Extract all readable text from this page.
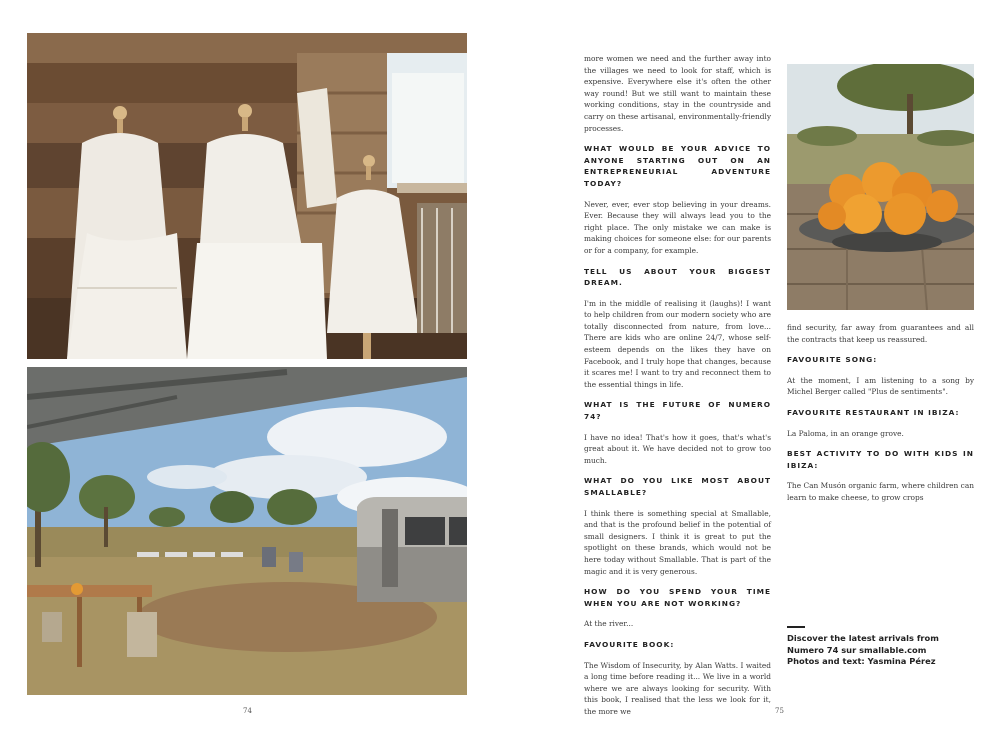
74

more women we need and the further away into the villages we need to look for staff, which is expensive. Everywhere else it's often the other way round! But we still want to maintain these working conditions, stay in the countryside and carry on these artisanal, environmentally-friendly processes.

WHAT WOULD BE YOUR ADVICE TO ANYONE STARTING OUT ON AN ENTREPRENEURIAL ADVENTURE TODAY?

Never, ever, ever stop believing in your dreams. Ever. Because they will always lead you to the right place. The only mistake we can make is making choices for someone else: for our parents or for a company, for example.

TELL US ABOUT YOUR BIGGEST DREAM.

I'm in the middle of realising it (laughs)! I want to help children from our modern society who are totally disconnected from nature, from love... There are kids who are online 24/7, whose self-esteem depends on the likes they have on Facebook, and I truly hope that changes, because it scares me! I want to try and reconnect them to the essential things in life.

WHAT IS THE FUTURE OF NUMERO 74?

I have no idea! That's how it goes, that's what's great about it. We have decided not to grow too much.

WHAT DO YOU LIKE MOST ABOUT SMALLABLE?

I think there is something special at Smallable, and that is the profound belief in the potential of small designers. I think it is great to put the spotlight on these brands, which would not be here today without Smallable. That is part of the magic and it is very generous.

HOW DO YOU SPEND YOUR TIME WHEN YOU ARE NOT WORKING?

At the river...

FAVOURITE BOOK:

The Wisdom of Insecurity, by Alan Watts. I waited a long time before reading it... We live in a world where we are always looking for security. With this book, I realised that the less we look for it, the more we

find security, far away from guarantees and all the contracts that keep us reassured.

FAVOURITE SONG:

At the moment, I am listening to a song by Michel Berger called "Plus de sentiments".

FAVOURITE RESTAURANT IN IBIZA:

La Paloma, in an orange grove.

BEST ACTIVITY TO DO WITH KIDS IN IBIZA:

The Can Musón organic farm, where children can learn to make cheese, to grow crops

75
Discover the latest arrivals from
Numero 74 sur smallable.com
Photos and text: Yasmina Pérez
